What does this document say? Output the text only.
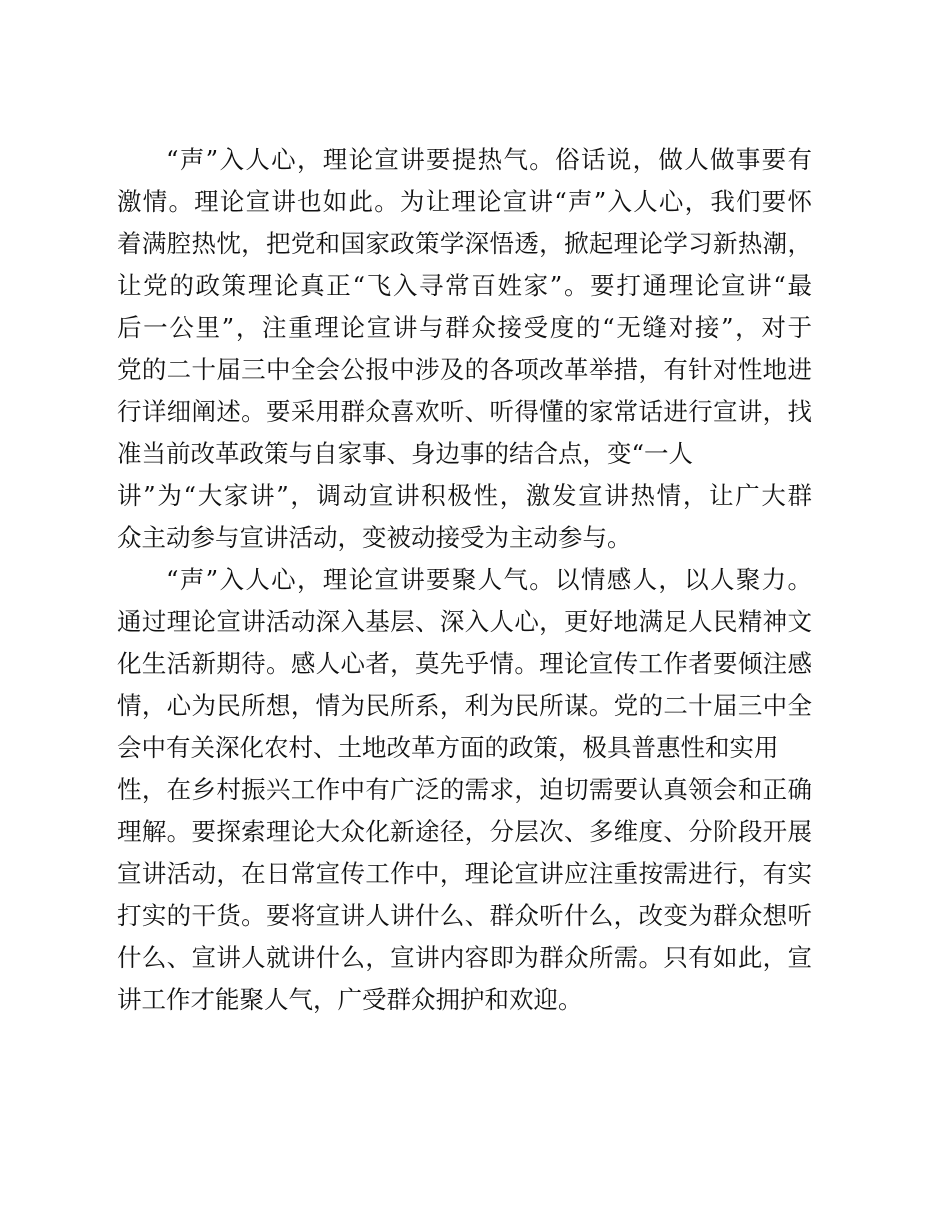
“声”入人心，理论宣讲要提热气。俗话说，做人做事要有
激情。理论宣讲也如此。为让理论宣讲“声”入人心，我们要怀
着满腔热忱，把党和国家政策学深悟透，掀起理论学习新热潮，
让党的政策理论真正“飞入寻常百姓家”。要打通理论宣讲“最
后一公里”，注重理论宣讲与群众接受度的“无缝对接”，对于
党的二十届三中全会公报中涉及的各项改革举措，有针对性地进
行详细阐述。要采用群众喜欢听、听得懂的家常话进行宣讲，找
准当前改革政策与自家事、身边事的结合点，变“一人
讲”为“大家讲”，调动宣讲积极性，激发宣讲热情，让广大群
众主动参与宣讲活动，变被动接受为主动参与。
“声”入人心，理论宣讲要聚人气。以情感人，以人聚力。
通过理论宣讲活动深入基层、深入人心，更好地满足人民精神文
化生活新期待。感人心者，莫先乎情。理论宣传工作者要倾注感
情，心为民所想，情为民所系，利为民所谋。党的二十届三中全
会中有关深化农村、土地改革方面的政策，极具普惠性和实用
性，在乡村振兴工作中有广泛的需求，迫切需要认真领会和正确
理解。要探索理论大众化新途径，分层次、多维度、分阶段开展
宣讲活动，在日常宣传工作中，理论宣讲应注重按需进行，有实
打实的干货。要将宣讲人讲什么、群众听什么，改变为群众想听
什么、宣讲人就讲什么，宣讲内容即为群众所需。只有如此，宣
讲工作才能聚人气，广受群众拥护和欢迎。
